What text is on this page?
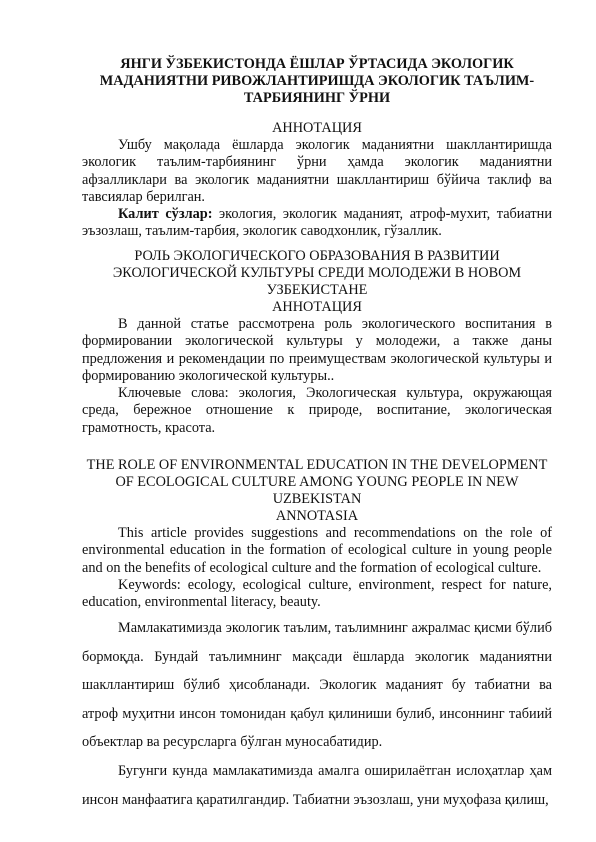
ЯНГИ ЎЗБЕКИСТОНДА ЁШЛАР ЎРТАСИДА ЭКОЛОГИК МАДАНИЯТНИ РИВОЖЛАНТИРИШДА ЭКОЛОГИК ТАЪЛИМ-ТАРБИЯНИНГ ЎРНИ
АННОТАЦИЯ
Ушбу мақолада ёшларда экологик маданиятни шакллантиришда экологик таълим-тарбиянинг ўрни ҳамда экологик маданиятни афзалликлари ва экологик маданиятни шакллантириш бўйича таклиф ва тавсиялар берилган.
Калит сўзлар: экология, экологик маданият, атроф-мухит, табиатни эъзозлаш, таълим-тарбия, экологик саводхонлик, гўзаллик.
РОЛЬ ЭКОЛОГИЧЕСКОГО ОБРАЗОВАНИЯ В РАЗВИТИИ ЭКОЛОГИЧЕСКОЙ КУЛЬТУРЫ СРЕДИ МОЛОДЕЖИ В НОВОМ УЗБЕКИСТАНЕ
АННОТАЦИЯ
В данной статье рассмотрена роль экологического воспитания в формировании экологической культуры у молодежи, а также даны предложения и рекомендации по преимуществам экологической культуры и формированию экологической культуры..
Ключевые слова: экология, Экологическая культура, окружающая среда, бережное отношение к природе, воспитание, экологическая грамотность, красота.
THE ROLE OF ENVIRONMENTAL EDUCATION IN THE DEVELOPMENT OF ECOLOGICAL CULTURE AMONG YOUNG PEOPLE IN NEW UZBEKISTAN
ANNOTASIA
This article provides suggestions and recommendations on the role of environmental education in the formation of ecological culture in young people and on the benefits of ecological culture and the formation of ecological culture.
Keywords: ecology, ecological culture, environment, respect for nature, education, environmental literacy, beauty.
Мамлакатимизда экологик таълим, таълимнинг ажралмас қисми бўлиб бормоқда. Бундай таълимнинг мақсади ёшларда экологик маданиятни шакллантириш бўлиб ҳисобланади. Экологик маданият бу табиатни ва атроф муҳитни инсон томонидан қабул қилиниши булиб, инсоннинг табиий объектлар ва ресурсларга бўлган муносабатидир.
Бугунги кунда мамлакатимизда амалга оширилаётган ислоҳатлар ҳам инсон манфаатига қаратилгандир. Табиатни эъзозлаш, уни муҳофаза қилиш,
